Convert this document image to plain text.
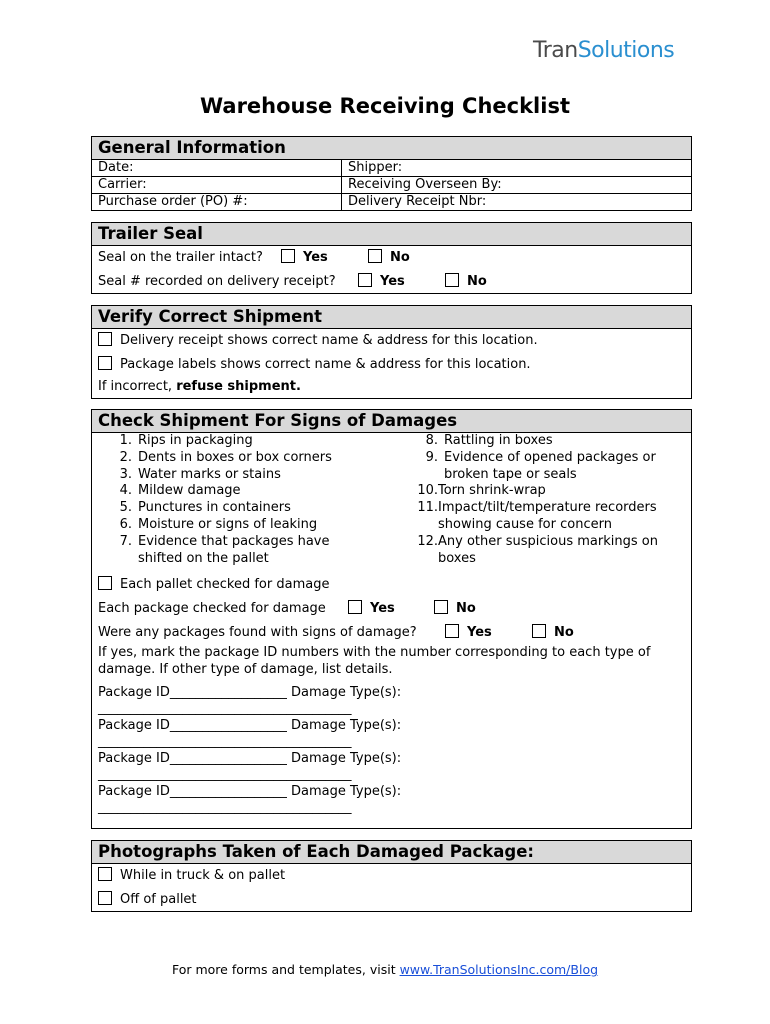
TranSolutions
Warehouse Receiving Checklist
General Information
Date:	Shipper:
Carrier:	Receiving Overseen By:
Purchase order (PO) #:	Delivery Receipt Nbr:
Trailer Seal
Seal on the trailer intact?	Yes	No
Seal # recorded on delivery receipt?	Yes	No
Verify Correct Shipment
Delivery receipt shows correct name & address for this location.
Package labels shows correct name & address for this location.
If incorrect, refuse shipment.
Check Shipment For Signs of Damages
1. Rips in packaging
2. Dents in boxes or box corners
3. Water marks or stains
4. Mildew damage
5. Punctures in containers
6. Moisture or signs of leaking
7. Evidence that packages have shifted on the pallet
8. Rattling in boxes
9. Evidence of opened packages or broken tape or seals
10. Torn shrink-wrap
11. Impact/tilt/temperature recorders showing cause for concern
12. Any other suspicious markings on boxes
Each pallet checked for damage
Each package checked for damage	Yes	No
Were any packages found with signs of damage?	Yes	No
If yes, mark the package ID numbers with the number corresponding to each type of damage. If other type of damage, list details.
Package ID__________________ Damage Type(s):
_______________________________________
Package ID__________________ Damage Type(s):
_______________________________________
Package ID__________________ Damage Type(s):
_______________________________________
Package ID__________________ Damage Type(s):
_______________________________________
Photographs Taken of Each Damaged Package:
While in truck & on pallet
Off of pallet
For more forms and templates, visit www.TranSolutionsInc.com/Blog
